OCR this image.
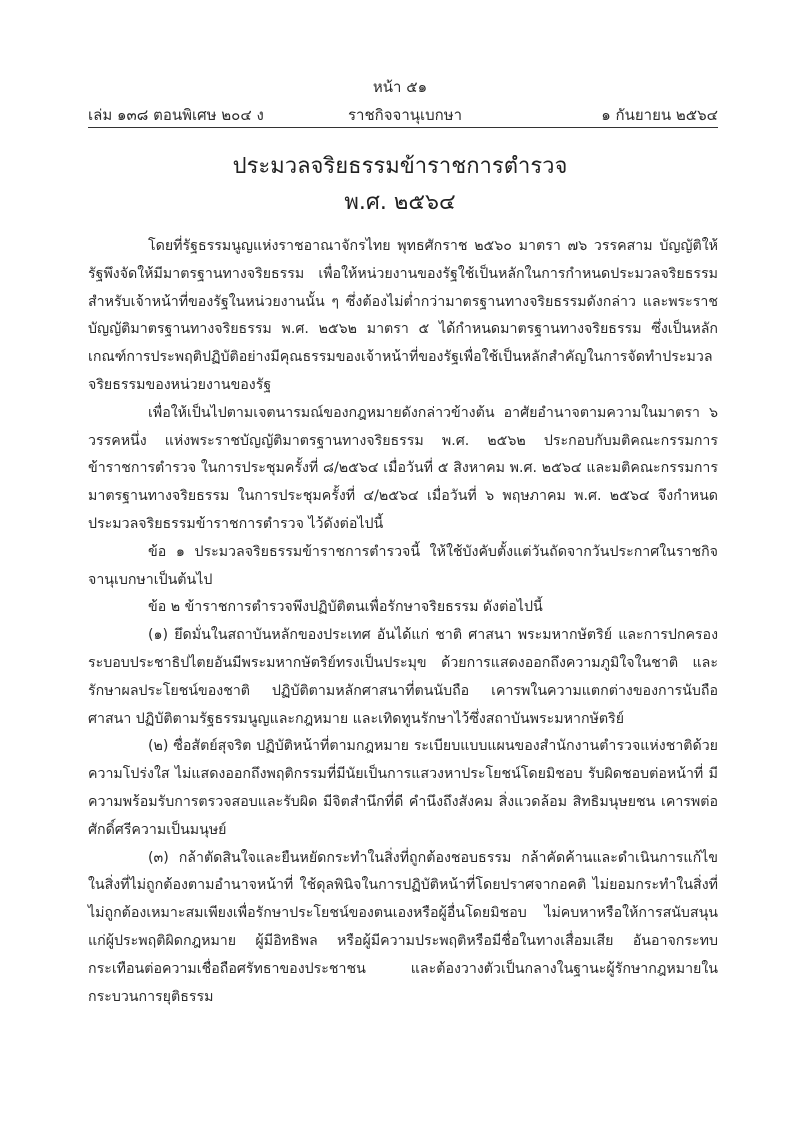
หน้า ๕๑
เล่ม ๑๓๘ ตอนพิเศษ ๒๐๔ ง	ราชกิจจานุเบกษา	๑ กันยายน ๒๕๖๔
ประมวลจริยธรรมข้าราชการตำรวจ
พ.ศ. ๒๕๖๔

โดยที่รัฐธรรมนูญแห่งราชอาณาจักรไทย พุทธศักราช ๒๕๖๐ มาตรา ๗๖ วรรคสาม บัญญัติให้รัฐพึงจัดให้มีมาตรฐานทางจริยธรรม เพื่อให้หน่วยงานของรัฐใช้เป็นหลักในการกำหนดประมวลจริยธรรมสำหรับเจ้าหน้าที่ของรัฐในหน่วยงานนั้น ๆ ซึ่งต้องไม่ต่ำกว่ามาตรฐานทางจริยธรรมดังกล่าว และพระราชบัญญัติมาตรฐานทางจริยธรรม พ.ศ. ๒๕๖๒ มาตรา ๕ ได้กำหนดมาตรฐานทางจริยธรรม ซึ่งเป็นหลักเกณฑ์การประพฤติปฏิบัติอย่างมีคุณธรรมของเจ้าหน้าที่ของรัฐเพื่อใช้เป็นหลักสำคัญในการจัดทำประมวลจริยธรรมของหน่วยงานของรัฐ

เพื่อให้เป็นไปตามเจตนารมณ์ของกฎหมายดังกล่าวข้างต้น อาศัยอำนาจตามความในมาตรา ๖ วรรคหนึ่ง แห่งพระราชบัญญัติมาตรฐานทางจริยธรรม พ.ศ. ๒๕๖๒ ประกอบกับมติคณะกรรมการข้าราชการตำรวจ ในการประชุมครั้งที่ ๘/๒๕๖๔ เมื่อวันที่ ๕ สิงหาคม พ.ศ. ๒๕๖๔ และมติคณะกรรมการมาตรฐานทางจริยธรรม ในการประชุมครั้งที่ ๔/๒๕๖๔ เมื่อวันที่ ๖ พฤษภาคม พ.ศ. ๒๕๖๔ จึงกำหนดประมวลจริยธรรมข้าราชการตำรวจ ไว้ดังต่อไปนี้

ข้อ ๑ ประมวลจริยธรรมข้าราชการตำรวจนี้ ให้ใช้บังคับตั้งแต่วันถัดจากวันประกาศในราชกิจจานุเบกษาเป็นต้นไป

ข้อ ๒ ข้าราชการตำรวจพึงปฏิบัติตนเพื่อรักษาจริยธรรม ดังต่อไปนี้

(๑) ยึดมั่นในสถาบันหลักของประเทศ อันได้แก่ ชาติ ศาสนา พระมหากษัตริย์ และการปกครองระบอบประชาธิปไตยอันมีพระมหากษัตริย์ทรงเป็นประมุข ด้วยการแสดงออกถึงความภูมิใจในชาติ และรักษาผลประโยชน์ของชาติ ปฏิบัติตามหลักศาสนาที่ตนนับถือ เคารพในความแตกต่างของการนับถือศาสนา ปฏิบัติตามรัฐธรรมนูญและกฎหมาย และเทิดทูนรักษาไว้ซึ่งสถาบันพระมหากษัตริย์

(๒) ซื่อสัตย์สุจริต ปฏิบัติหน้าที่ตามกฎหมาย ระเบียบแบบแผนของสำนักงานตำรวจแห่งชาติด้วยความโปร่งใส ไม่แสดงออกถึงพฤติกรรมที่มีนัยเป็นการแสวงหาประโยชน์โดยมิชอบ รับผิดชอบต่อหน้าที่ มีความพร้อมรับการตรวจสอบและรับผิด มีจิตสำนึกที่ดี คำนึงถึงสังคม สิ่งแวดล้อม สิทธิมนุษยชน เคารพต่อศักดิ์ศรีความเป็นมนุษย์

(๓) กล้าตัดสินใจและยืนหยัดกระทำในสิ่งที่ถูกต้องชอบธรรม กล้าคัดค้านและดำเนินการแก้ไขในสิ่งที่ไม่ถูกต้องตามอำนาจหน้าที่ ใช้ดุลพินิจในการปฏิบัติหน้าที่โดยปราศจากอคติ ไม่ยอมกระทำในสิ่งที่ไม่ถูกต้องเหมาะสมเพียงเพื่อรักษาประโยชน์ของตนเองหรือผู้อื่นโดยมิชอบ ไม่คบหาหรือให้การสนับสนุนแก่ผู้ประพฤติผิดกฎหมาย ผู้มีอิทธิพล หรือผู้มีความประพฤติหรือมีชื่อในทางเสื่อมเสีย อันอาจกระทบกระเทือนต่อความเชื่อถือศรัทธาของประชาชน และต้องวางตัวเป็นกลางในฐานะผู้รักษากฎหมายในกระบวนการยุติธรรม
